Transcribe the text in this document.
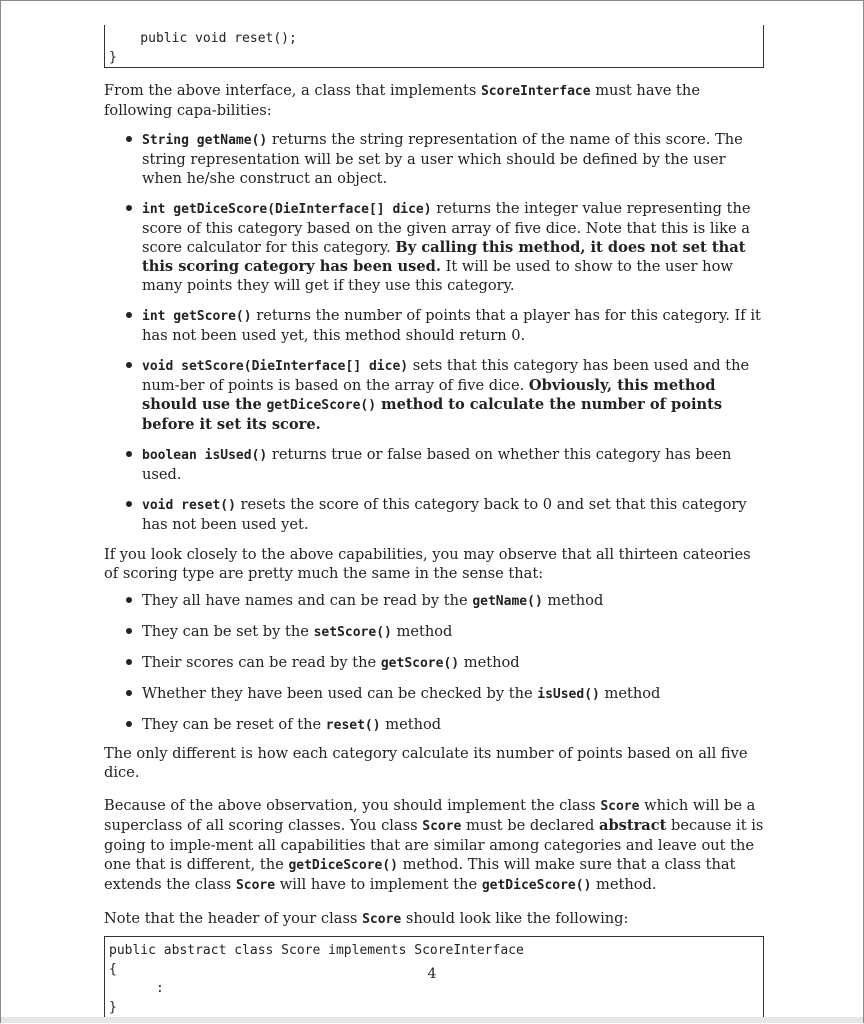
public void reset();
}

From the above interface, a class that implements ScoreInterface must have the following capa-bilities:

String getName() returns the string representation of the name of this score. The string representation will be set by a user which should be defined by the user when he/she construct an object.
int getDiceScore(DieInterface[] dice) returns the integer value representing the score of this category based on the given array of five dice. Note that this is like a score calculator for this category. By calling this method, it does not set that this scoring category has been used. It will be used to show to the user how many points they will get if they use this category.
int getScore() returns the number of points that a player has for this category. If it has not been used yet, this method should return 0.
void setScore(DieInterface[] dice) sets that this category has been used and the num-ber of points is based on the array of five dice. Obviously, this method should use the getDiceScore() method to calculate the number of points before it set its score.
boolean isUsed() returns true or false based on whether this category has been used.
void reset() resets the score of this category back to 0 and set that this category has not been used yet.

If you look closely to the above capabilities, you may observe that all thirteen cateories of scoring type are pretty much the same in the sense that:

They all have names and can be read by the getName() method
They can be set by the setScore() method
Their scores can be read by the getScore() method
Whether they have been used can be checked by the isUsed() method
They can be reset of the reset() method

The only different is how each category calculate its number of points based on all five dice.

Because of the above observation, you should implement the class Score which will be a superclass of all scoring classes. You class Score must be declared abstract because it is going to imple-ment all capabilities that are similar among categories and leave out the one that is different, the getDiceScore() method. This will make sure that a class that extends the class Score will have to implement the getDiceScore() method.

Note that the header of your class Score should look like the following:

public abstract class Score implements ScoreInterface
{
:
}
4
